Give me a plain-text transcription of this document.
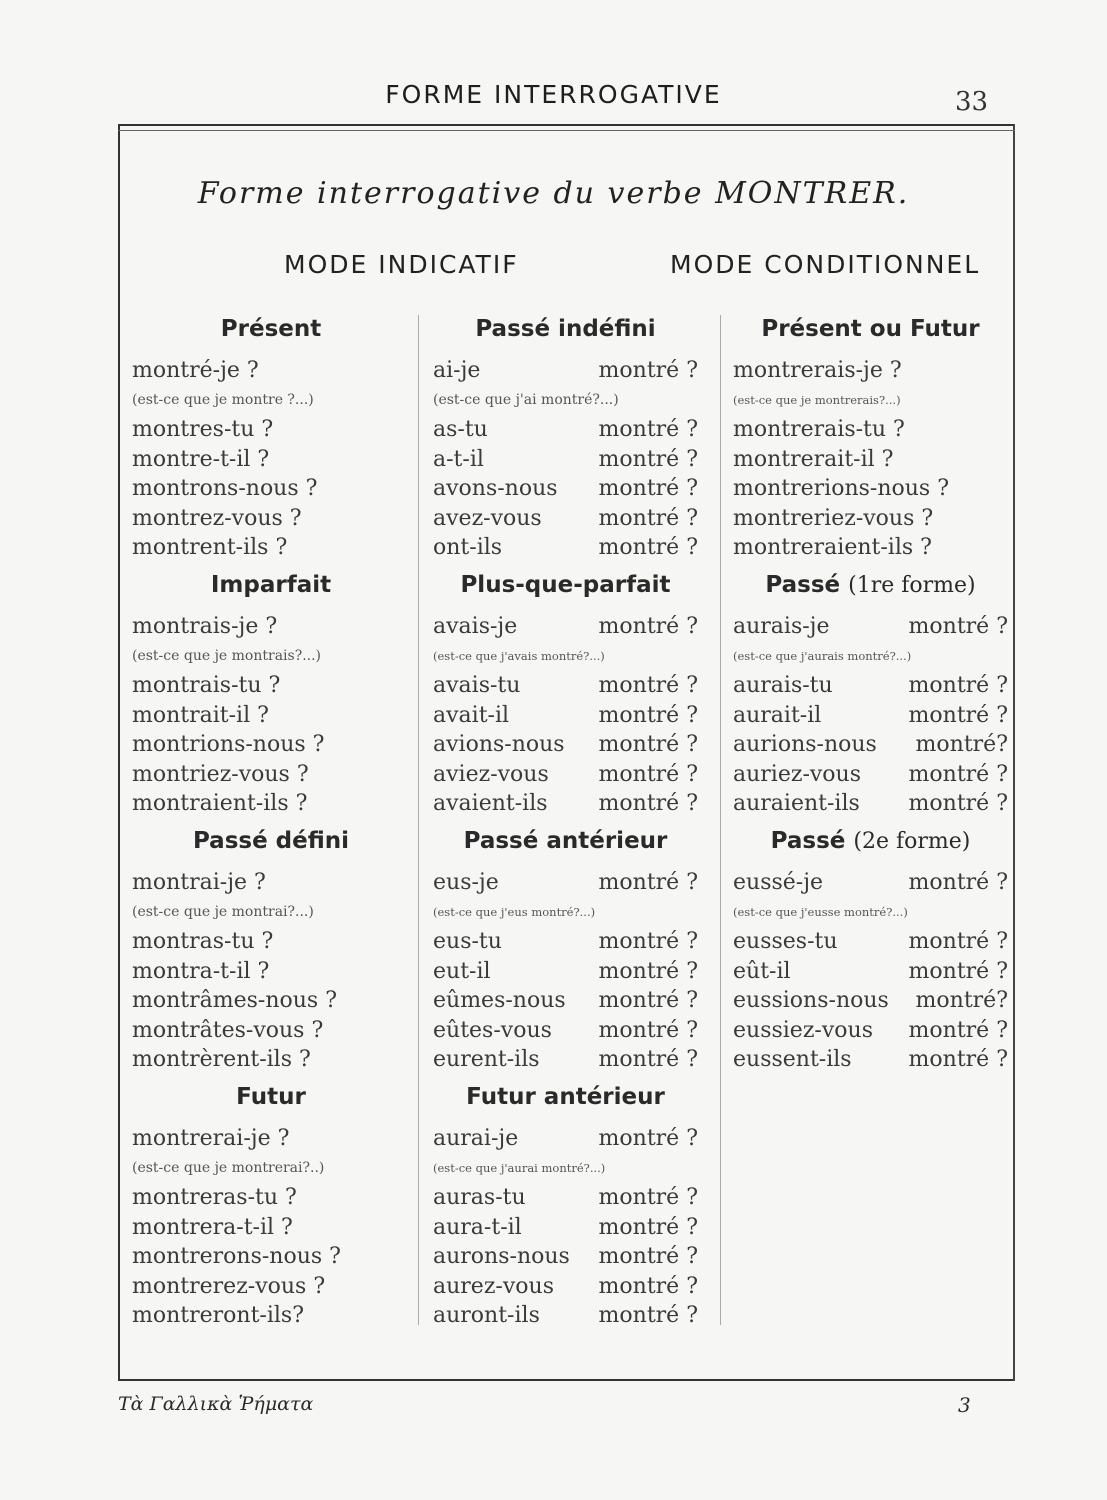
FORME INTERROGATIVE	33
Forme interrogative du verbe MONTRER.
MODE INDICATIF	MODE CONDITIONNEL
Présent
montré-je ?
(est-ce que je montre ?...)
montres-tu ?
montre-t-il ?
montrons-nous ?
montrez-vous ?
montrent-ils ?
Imparfait
montrais-je ?
(est-ce que je montrais?...)
montrais-tu ?
montrait-il ?
montrions-nous ?
montriez-vous ?
montraient-ils ?
Passé défini
montrai-je ?
(est-ce que je montrai?...)
montras-tu ?
montra-t-il ?
montrâmes-nous ?
montrâtes-vous ?
montrèrent-ils ?
Futur
montrerai-je ?
(est-ce que je montrerai?..)
montreras-tu ?
montrera-t-il ?
montrerons-nous ?
montrerez-vous ?
montreront-ils?
Passé indéfini
ai-je	montré ?
(est-ce que j'ai montré?...)
as-tu	montré ?
a-t-il	montré ?
avons-nous montré ?
avez-vous	montré ?
ont-ils	montré ?
Plus-que-parfait
avais-je	montré ?
(est-ce que j'avais montré?...)
avais-tu	montré ?
avait-il	montré ?
avions-nous montré ?
aviez-vous montré ?
avaient-ils montré ?
Passé antérieur
eus-je	montré ?
(est-ce que j'eus montré?...)
eus-tu	montré ?
eut-il	montré ?
eûmes-nous montré ?
eûtes-vous montré ?
eurent-ils	montré ?
Futur antérieur
aurai-je	montré ?
(est-ce que j'aurai montré?...)
auras-tu	montré ?
aura-t-il	montré ?
aurons-nous montré ?
aurez-vous montré ?
auront-ils	montré ?
Présent ou Futur
montrerais-je ?
(est-ce que je montrerais?...)
montrerais-tu ?
montrerait-il ?
montrerions-nous ?
montreriez-vous ?
montreraient-ils ?
Passé (1re forme)
aurais-je	montré ?
(est-ce que j'aurais montré?...)
aurais-tu	montré ?
aurait-il	montré ?
aurions-nous montré?
auriez-vous montré ?
auraient-ils montré ?
Passé (2e forme)
eussé-je	montré ?
(est-ce que j'eusse montré?...)
eusses-tu	montré ?
eût-il	montré ?
eussions-nous montré?
eussiez-vous montré ?
eussent-ils	montré ?
Τὰ Γαλλικὰ Ῥήματα	3
